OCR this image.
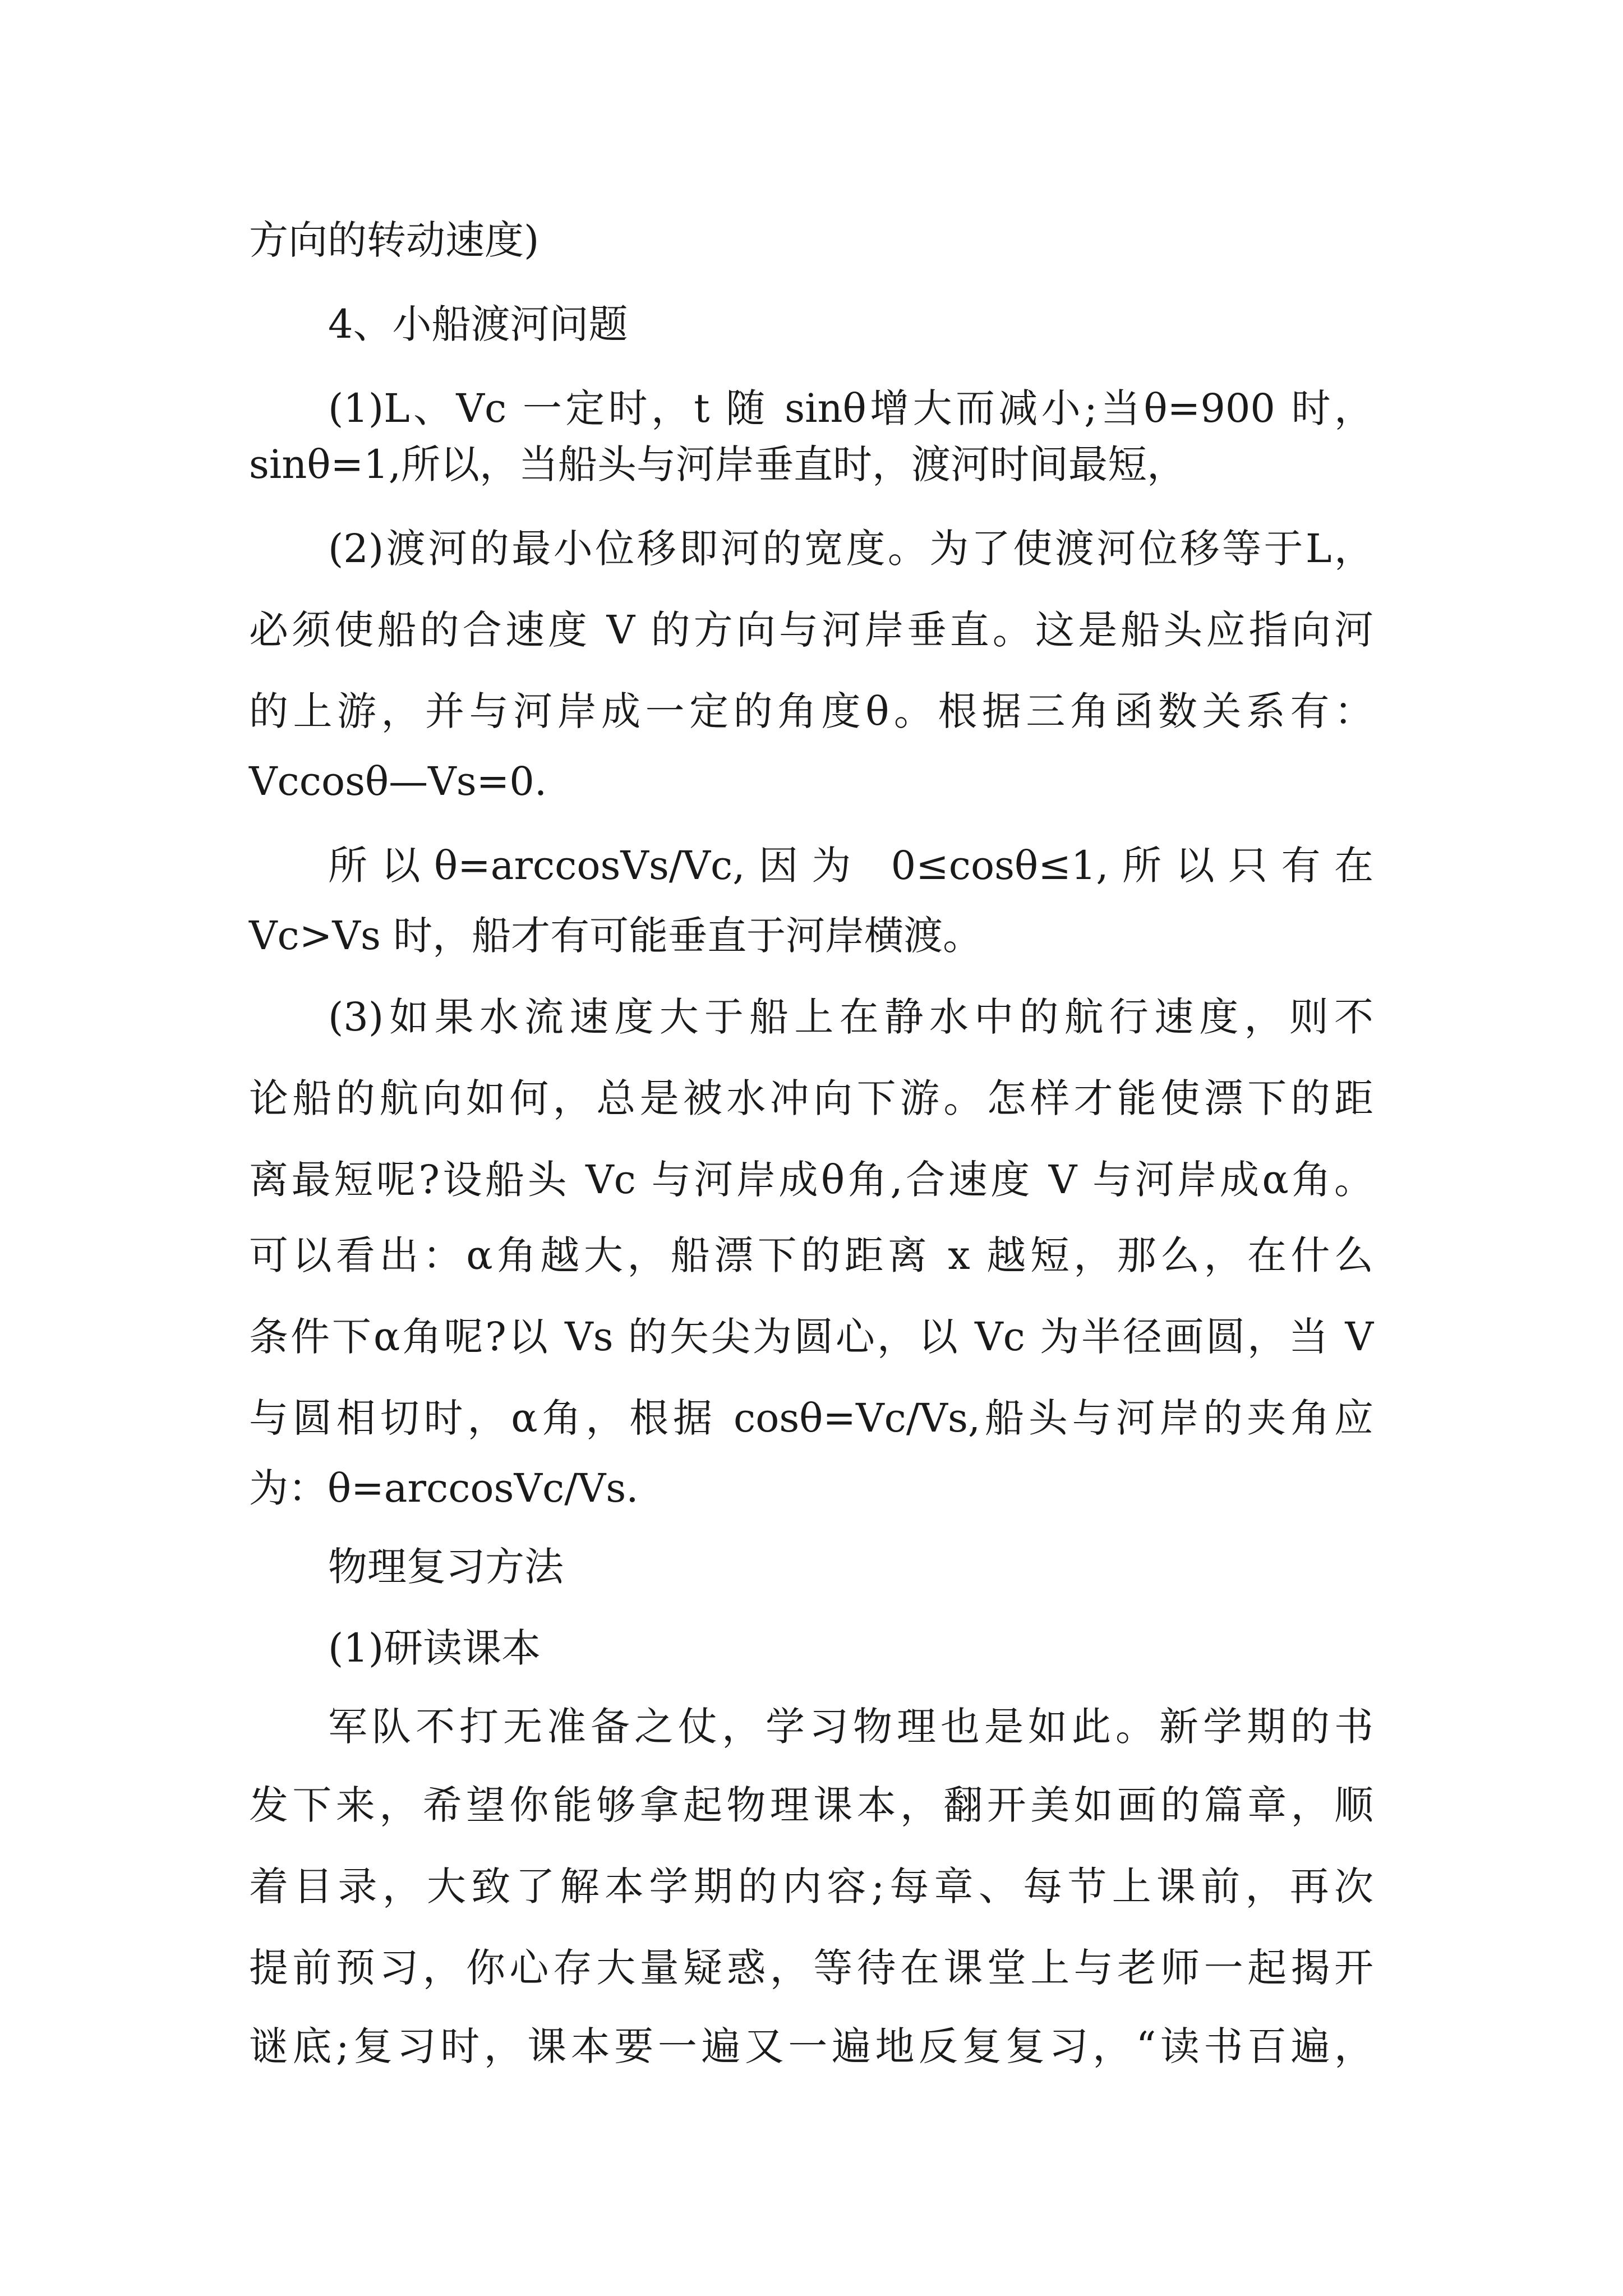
方向的转动速度)
4、小船渡河问题
(1)L、Vc 一定时，t 随 sinθ增大而减小;当θ=900 时，
sinθ=1,所以，当船头与河岸垂直时，渡河时间最短，
(2)渡河的最小位移即河的宽度。为了使渡河位移等于L，
必须使船的合速度 V 的方向与河岸垂直。这是船头应指向河
的上游，并与河岸成一定的角度θ。根据三角函数关系有：
Vccosθ—Vs=0.
所以θ=arccosVs/Vc,因为 0≤cosθ≤1,所以只有在
Vc>Vs 时，船才有可能垂直于河岸横渡。
(3)如果水流速度大于船上在静水中的航行速度，则不
论船的航向如何，总是被水冲向下游。怎样才能使漂下的距
离最短呢?设船头 Vc 与河岸成θ角,合速度 V 与河岸成α角。
可以看出：α角越大，船漂下的距离 x 越短，那么，在什么
条件下α角呢?以 Vs 的矢尖为圆心，以 Vc 为半径画圆，当 V
与圆相切时，α角，根据 cosθ=Vc/Vs,船头与河岸的夹角应
为：θ=arccosVc/Vs.
物理复习方法
(1)研读课本
军队不打无准备之仗，学习物理也是如此。新学期的书
发下来，希望你能够拿起物理课本，翻开美如画的篇章，顺
着目录，大致了解本学期的内容;每章、每节上课前，再次
提前预习，你心存大量疑惑，等待在课堂上与老师一起揭开
谜底;复习时，课本要一遍又一遍地反复复习，“读书百遍，
